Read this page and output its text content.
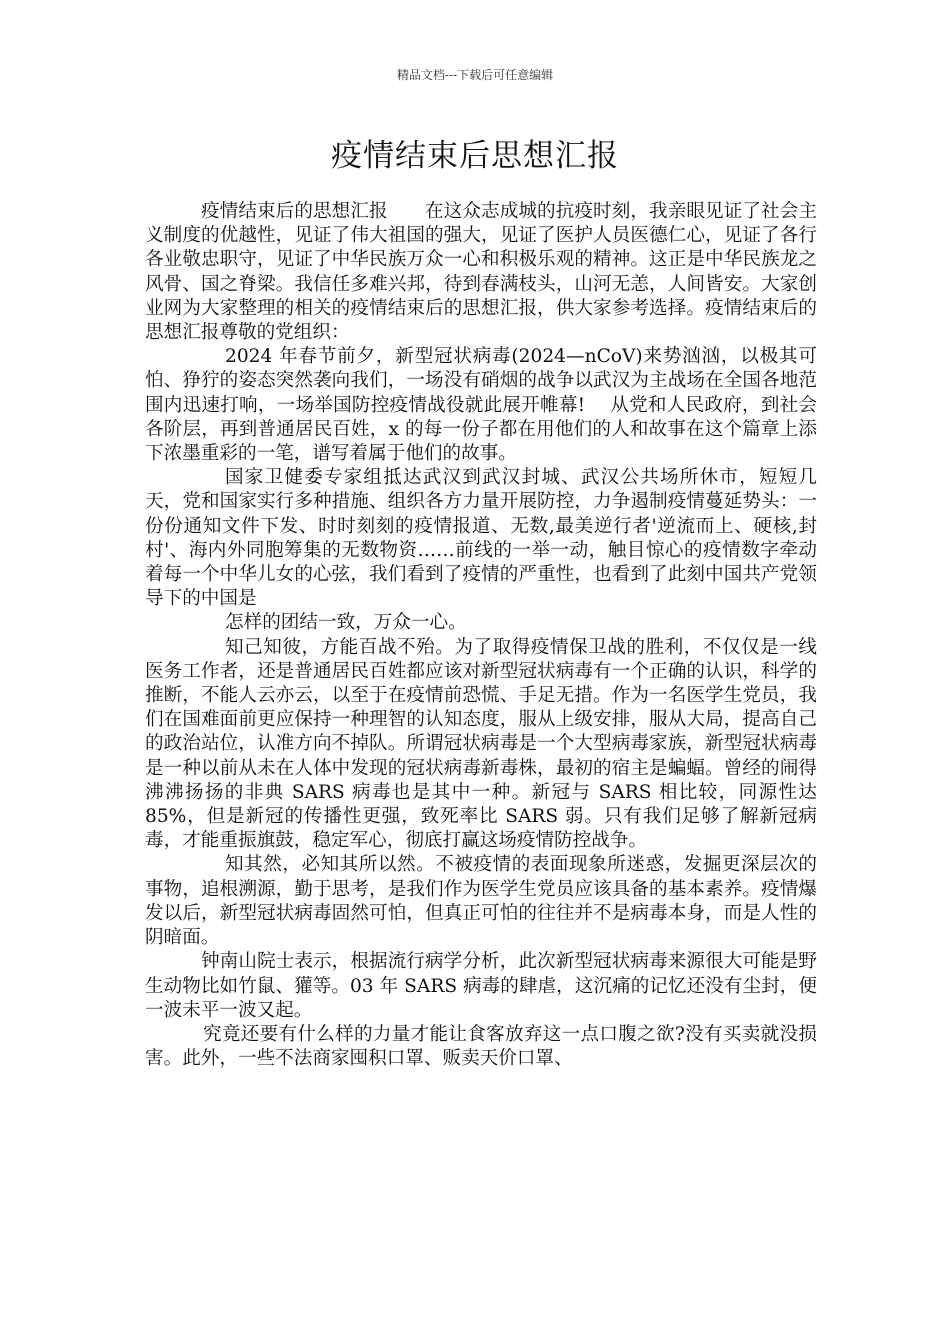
精品文档---下载后可任意编辑
疫情结束后思想汇报

疫情结束后的思想汇报　　在这众志成城的抗疫时刻，我亲眼见证了社会主义制度的优越性，见证了伟大祖国的强大，见证了医护人员医德仁心，见证了各行各业敬忠职守，见证了中华民族万众一心和积极乐观的精神。这正是中华民族龙之风骨、国之脊梁。我信任多难兴邦，待到春满枝头，山河无恙，人间皆安。大家创业网为大家整理的相关的疫情结束后的思想汇报，供大家参考选择。疫情结束后的思想汇报尊敬的党组织：

2024 年春节前夕，新型冠状病毒(2024—nCoV)来势汹汹，以极其可怕、狰狞的姿态突然袭向我们，一场没有硝烟的战争以武汉为主战场在全国各地范围内迅速打响，一场举国防控疫情战役就此展开帷幕!　 从党和人民政府，到社会各阶层，再到普通居民百姓，x 的每一份子都在用他们的人和故事在这个篇章上添下浓墨重彩的一笔，谱写着属于他们的故事。

国家卫健委专家组抵达武汉到武汉封城、武汉公共场所休市，短短几天，党和国家实行多种措施、组织各方力量开展防控，力争遏制疫情蔓延势头：一份份通知文件下发、时时刻刻的疫情报道、无数,最美逆行者'逆流而上、硬核,封村'、海内外同胞筹集的无数物资……前线的一举一动，触目惊心的疫情数字牵动着每一个中华儿女的心弦，我们看到了疫情的严重性，也看到了此刻中国共产党领导下的中国是

怎样的团结一致，万众一心。

知己知彼，方能百战不殆。为了取得疫情保卫战的胜利，不仅仅是一线医务工作者，还是普通居民百姓都应该对新型冠状病毒有一个正确的认识，科学的推断，不能人云亦云，以至于在疫情前恐慌、手足无措。作为一名医学生党员，我们在国难面前更应保持一种理智的认知态度，服从上级安排，服从大局，提高自己的政治站位，认准方向不掉队。所谓冠状病毒是一个大型病毒家族，新型冠状病毒是一种以前从未在人体中发现的冠状病毒新毒株，最初的宿主是蝙蝠。曾经的闹得沸沸扬扬的非典 SARS 病毒也是其中一种。新冠与 SARS 相比较，同源性达 85%，但是新冠的传播性更强，致死率比 SARS 弱。只有我们足够了解新冠病毒，才能重振旗鼓，稳定军心，彻底打赢这场疫情防控战争。

知其然，必知其所以然。不被疫情的表面现象所迷惑，发掘更深层次的事物，追根溯源，勤于思考，是我们作为医学生党员应该具备的基本素养。疫情爆发以后，新型冠状病毒固然可怕，但真正可怕的往往并不是病毒本身，而是人性的阴暗面。

钟南山院士表示，根据流行病学分析，此次新型冠状病毒来源很大可能是野生动物比如竹鼠、獾等。03 年 SARS 病毒的肆虐，这沉痛的记忆还没有尘封，便一波未平一波又起。

究竟还要有什么样的力量才能让食客放弃这一点口腹之欲?没有买卖就没损害。此外，一些不法商家囤积口罩、贩卖天价口罩、
